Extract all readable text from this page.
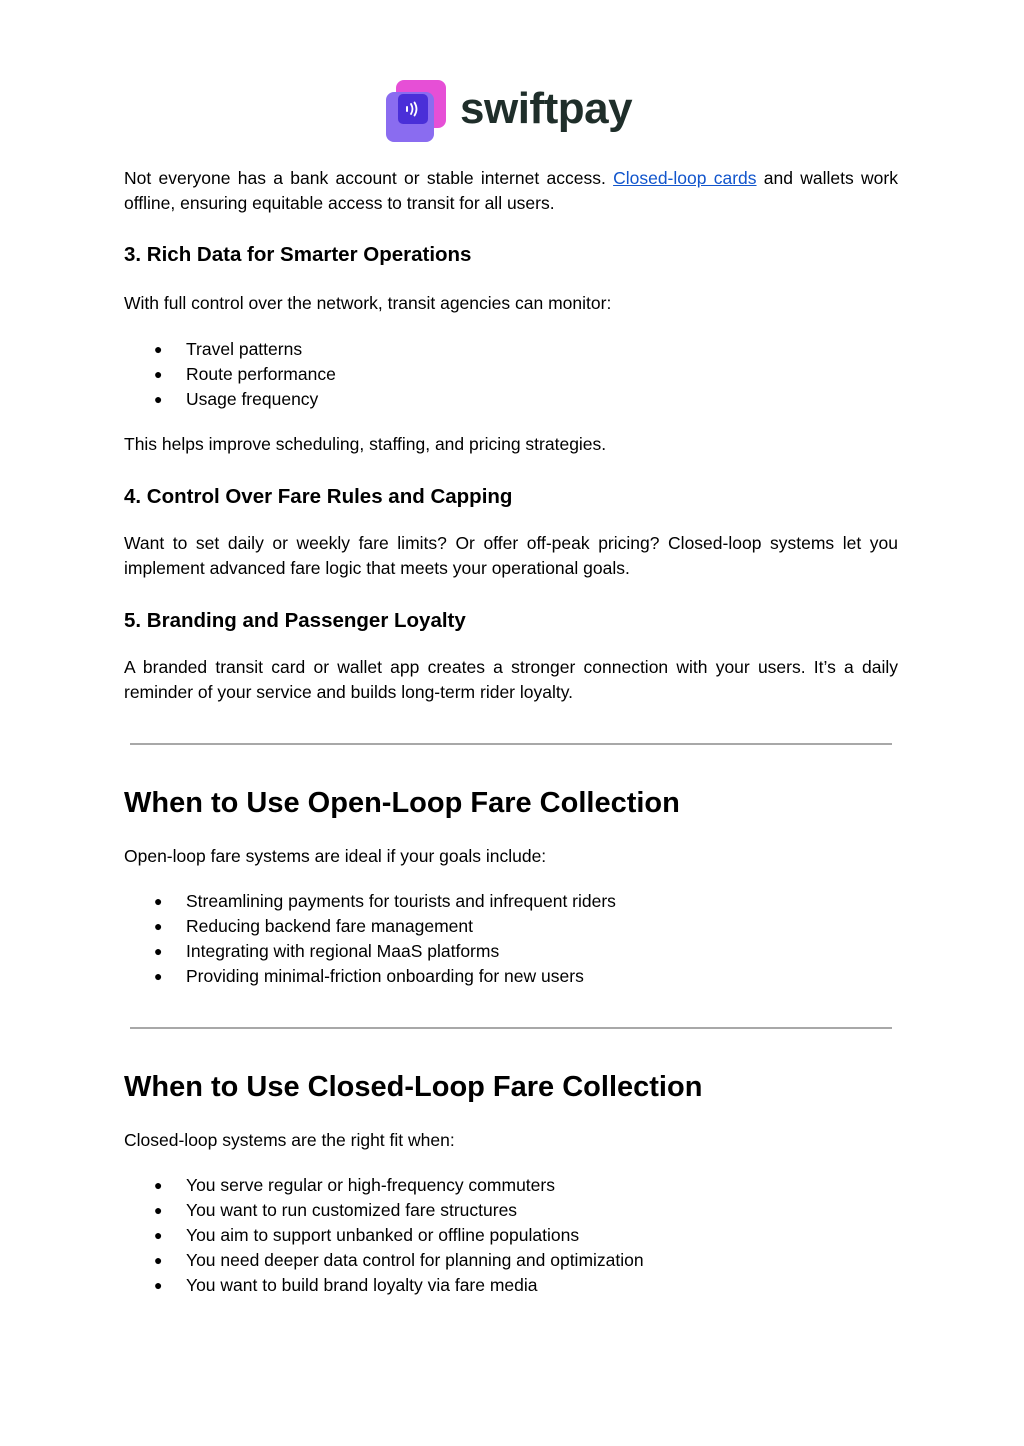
swiftpay

Not everyone has a bank account or stable internet access. Closed-loop cards and wallets work offline, ensuring equitable access to transit for all users.

3. Rich Data for Smarter Operations

With full control over the network, transit agencies can monitor:

● Travel patterns
● Route performance
● Usage frequency

This helps improve scheduling, staffing, and pricing strategies.

4. Control Over Fare Rules and Capping

Want to set daily or weekly fare limits? Or offer off-peak pricing? Closed-loop systems let you implement advanced fare logic that meets your operational goals.

5. Branding and Passenger Loyalty

A branded transit card or wallet app creates a stronger connection with your users. It’s a daily reminder of your service and builds long-term rider loyalty.

When to Use Open-Loop Fare Collection

Open-loop fare systems are ideal if your goals include:

● Streamlining payments for tourists and infrequent riders
● Reducing backend fare management
● Integrating with regional MaaS platforms
● Providing minimal-friction onboarding for new users
When to Use Closed-Loop Fare Collection

Closed-loop systems are the right fit when:

● You serve regular or high-frequency commuters
● You want to run customized fare structures
● You aim to support unbanked or offline populations
● You need deeper data control for planning and optimization
● You want to build brand loyalty via fare media
